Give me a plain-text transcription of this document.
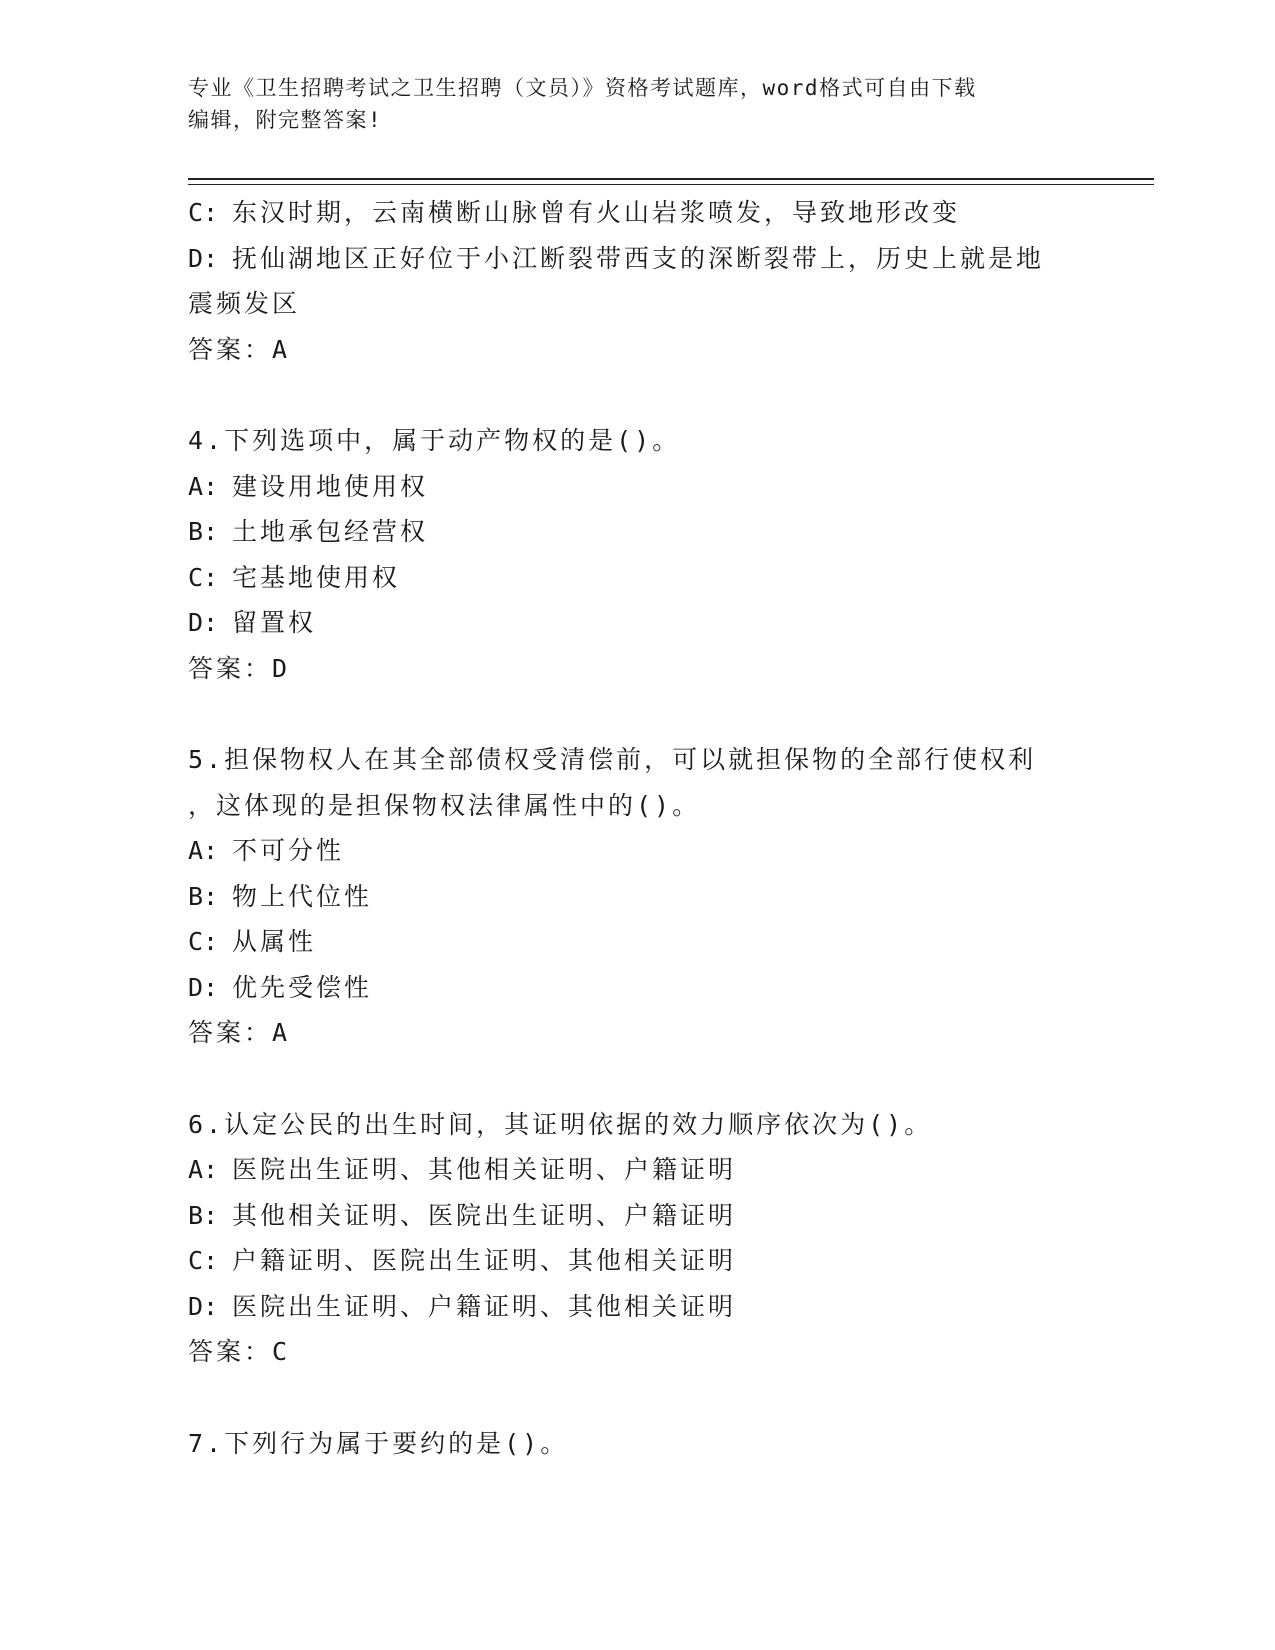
专业《卫生招聘考试之卫生招聘（文员）》资格考试题库，word格式可自由下载
编辑，附完整答案!
C: 东汉时期，云南横断山脉曾有火山岩浆喷发，导致地形改变
D: 抚仙湖地区正好位于小江断裂带西支的深断裂带上，历史上就是地
震频发区
答案：A
4.下列选项中，属于动产物权的是()。
A: 建设用地使用权
B: 土地承包经营权
C: 宅基地使用权
D: 留置权
答案：D
5.担保物权人在其全部债权受清偿前，可以就担保物的全部行使权利
，这体现的是担保物权法律属性中的()。
A: 不可分性
B: 物上代位性
C: 从属性
D: 优先受偿性
答案：A
6.认定公民的出生时间，其证明依据的效力顺序依次为()。
A: 医院出生证明、其他相关证明、户籍证明
B: 其他相关证明、医院出生证明、户籍证明
C: 户籍证明、医院出生证明、其他相关证明
D: 医院出生证明、户籍证明、其他相关证明
答案：C
7.下列行为属于要约的是()。
